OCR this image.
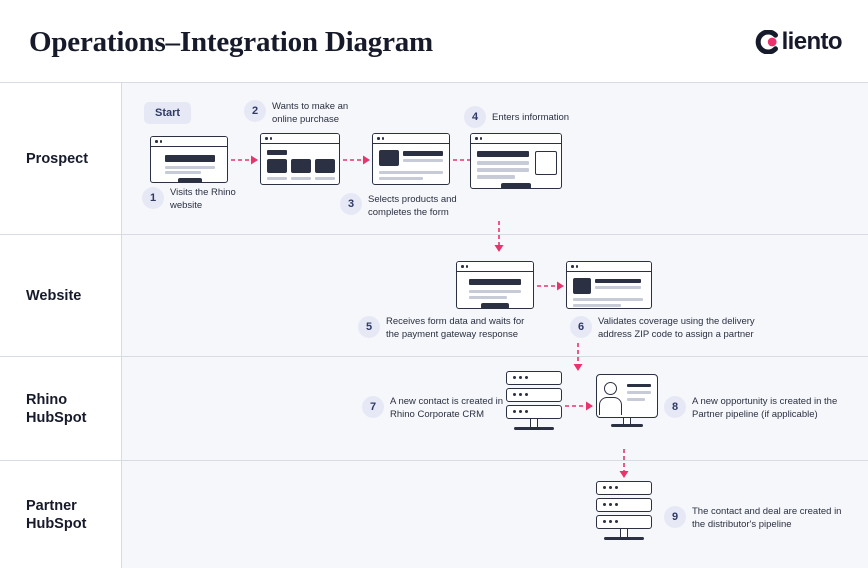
Operations–Integration Diagram	liento
Prospect
Start
1	Visits the Rhino website
2	Wants to make an online purchase
3	Selects products and completes the form
4	Enters information
Website
5	Receives form data and waits for the payment gateway response
6	Validates coverage using the delivery address ZIP code to assign a partner
Rhino
HubSpot
7	A new contact is created in Rhino Corporate CRM
8	A new opportunity is created in the Partner pipeline (if applicable)
Partner
HubSpot	9	The contact and deal are created in the distributor's pipeline
